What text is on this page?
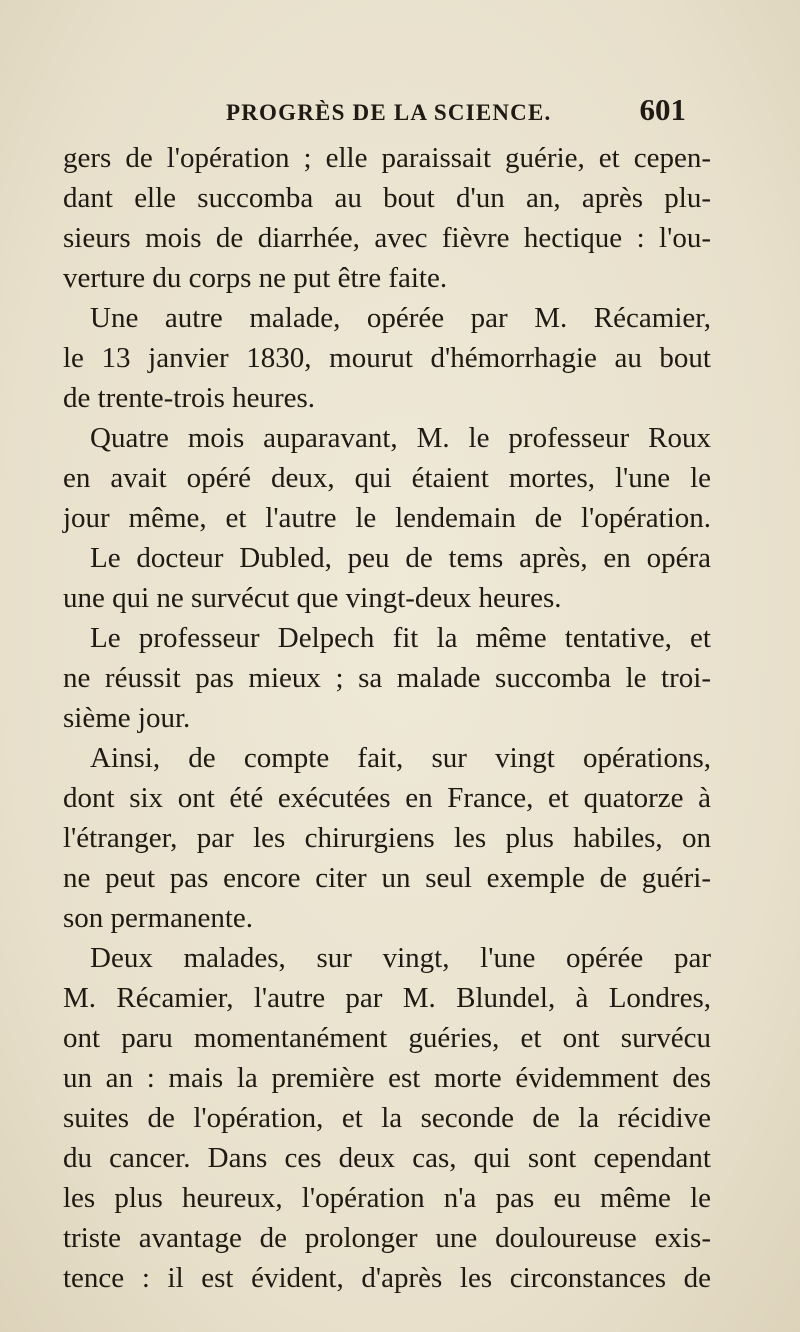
PROGRÈS DE LA SCIENCE.	601
gers de l'opération ; elle paraissait guérie, et cepen-
dant elle succomba au bout d'un an, après plu-
sieurs mois de diarrhée, avec fièvre hectique : l'ou-
verture du corps ne put être faite.
Une autre malade, opérée par M. Récamier,
le 13 janvier 1830, mourut d'hémorrhagie au bout
de trente-trois heures.
Quatre mois auparavant, M. le professeur Roux
en avait opéré deux, qui étaient mortes, l'une le
jour même, et l'autre le lendemain de l'opération.
Le docteur Dubled, peu de tems après, en opéra
une qui ne survécut que vingt-deux heures.
Le professeur Delpech fit la même tentative, et
ne réussit pas mieux ; sa malade succomba le troi-
sième jour.
Ainsi, de compte fait, sur vingt opérations,
dont six ont été exécutées en France, et quatorze à
l'étranger, par les chirurgiens les plus habiles, on
ne peut pas encore citer un seul exemple de guéri-
son permanente.
Deux malades, sur vingt, l'une opérée par
M. Récamier, l'autre par M. Blundel, à Londres,
ont paru momentanément guéries, et ont survécu
un an : mais la première est morte évidemment des
suites de l'opération, et la seconde de la récidive
du cancer. Dans ces deux cas, qui sont cependant
les plus heureux, l'opération n'a pas eu même le
triste avantage de prolonger une douloureuse exis-
tence : il est évident, d'après les circonstances de
